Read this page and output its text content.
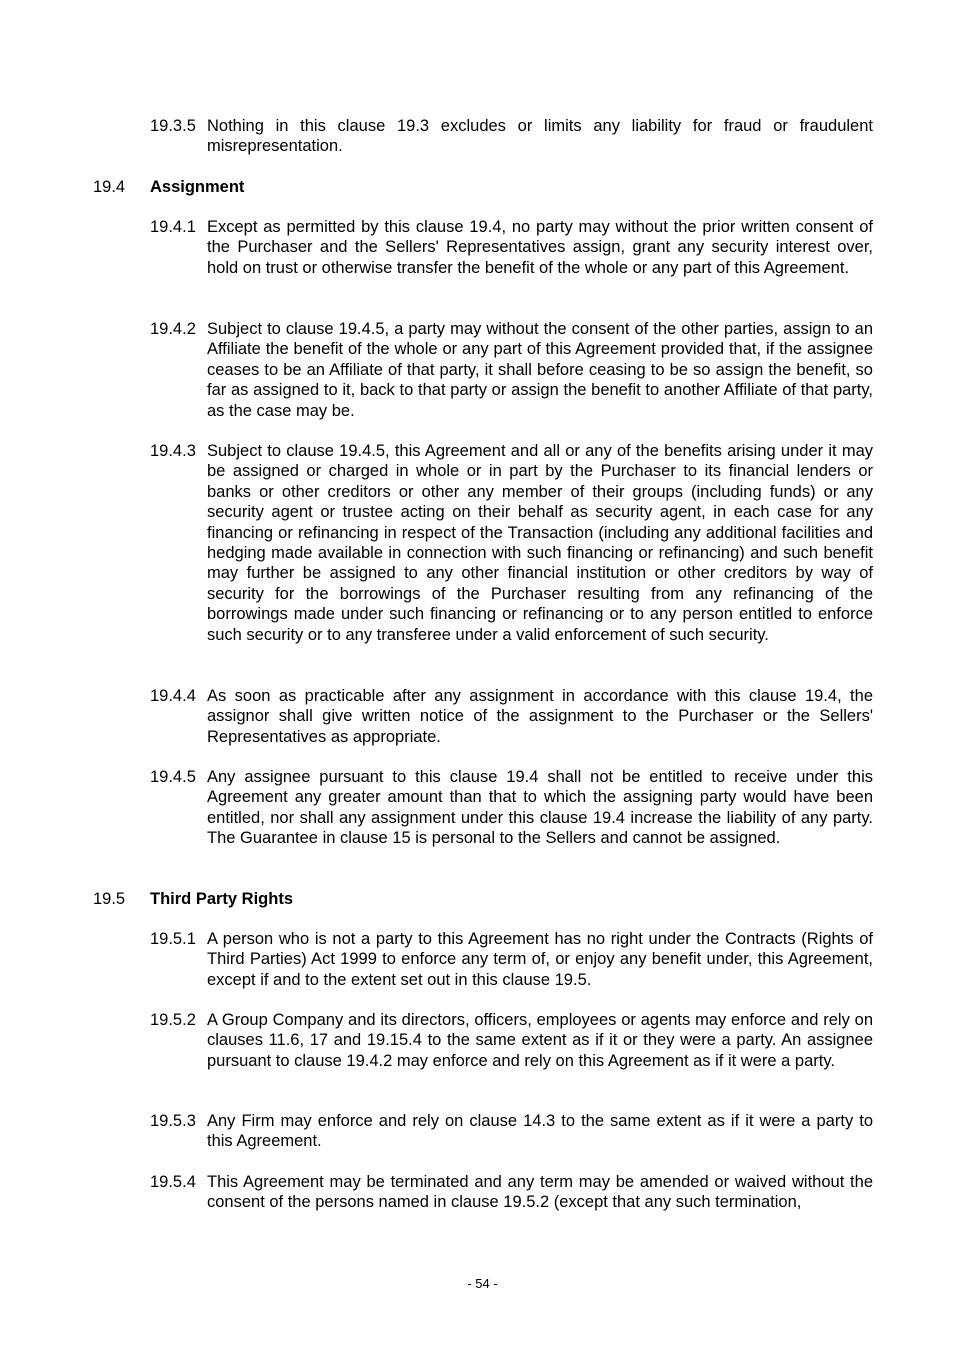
19.3.5 Nothing in this clause 19.3 excludes or limits any liability for fraud or fraudulent misrepresentation.
19.4	Assignment
19.4.1 Except as permitted by this clause 19.4, no party may without the prior written consent of the Purchaser and the Sellers' Representatives assign, grant any security interest over, hold on trust or otherwise transfer the benefit of the whole or any part of this Agreement.
19.4.2 Subject to clause 19.4.5, a party may without the consent of the other parties, assign to an Affiliate the benefit of the whole or any part of this Agreement provided that, if the assignee ceases to be an Affiliate of that party, it shall before ceasing to be so assign the benefit, so far as assigned to it, back to that party or assign the benefit to another Affiliate of that party, as the case may be.
19.4.3 Subject to clause 19.4.5, this Agreement and all or any of the benefits arising under it may be assigned or charged in whole or in part by the Purchaser to its financial lenders or banks or other creditors or other any member of their groups (including funds) or any security agent or trustee acting on their behalf as security agent, in each case for any financing or refinancing in respect of the Transaction (including any additional facilities and hedging made available in connection with such financing or refinancing) and such benefit may further be assigned to any other financial institution or other creditors by way of security for the borrowings of the Purchaser resulting from any refinancing of the borrowings made under such financing or refinancing or to any person entitled to enforce such security or to any transferee under a valid enforcement of such security.
19.4.4 As soon as practicable after any assignment in accordance with this clause 19.4, the assignor shall give written notice of the assignment to the Purchaser or the Sellers' Representatives as appropriate.
19.4.5 Any assignee pursuant to this clause 19.4 shall not be entitled to receive under this Agreement any greater amount than that to which the assigning party would have been entitled, nor shall any assignment under this clause 19.4 increase the liability of any party. The Guarantee in clause 15 is personal to the Sellers and cannot be assigned.
19.5	Third Party Rights
19.5.1 A person who is not a party to this Agreement has no right under the Contracts (Rights of Third Parties) Act 1999 to enforce any term of, or enjoy any benefit under, this Agreement, except if and to the extent set out in this clause 19.5.
19.5.2 A Group Company and its directors, officers, employees or agents may enforce and rely on clauses 11.6, 17 and 19.15.4 to the same extent as if it or they were a party. An assignee pursuant to clause 19.4.2 may enforce and rely on this Agreement as if it were a party.
19.5.3 Any Firm may enforce and rely on clause 14.3 to the same extent as if it were a party to this Agreement.
19.5.4 This Agreement may be terminated and any term may be amended or waived without the consent of the persons named in clause 19.5.2 (except that any such termination,
- 54 -
